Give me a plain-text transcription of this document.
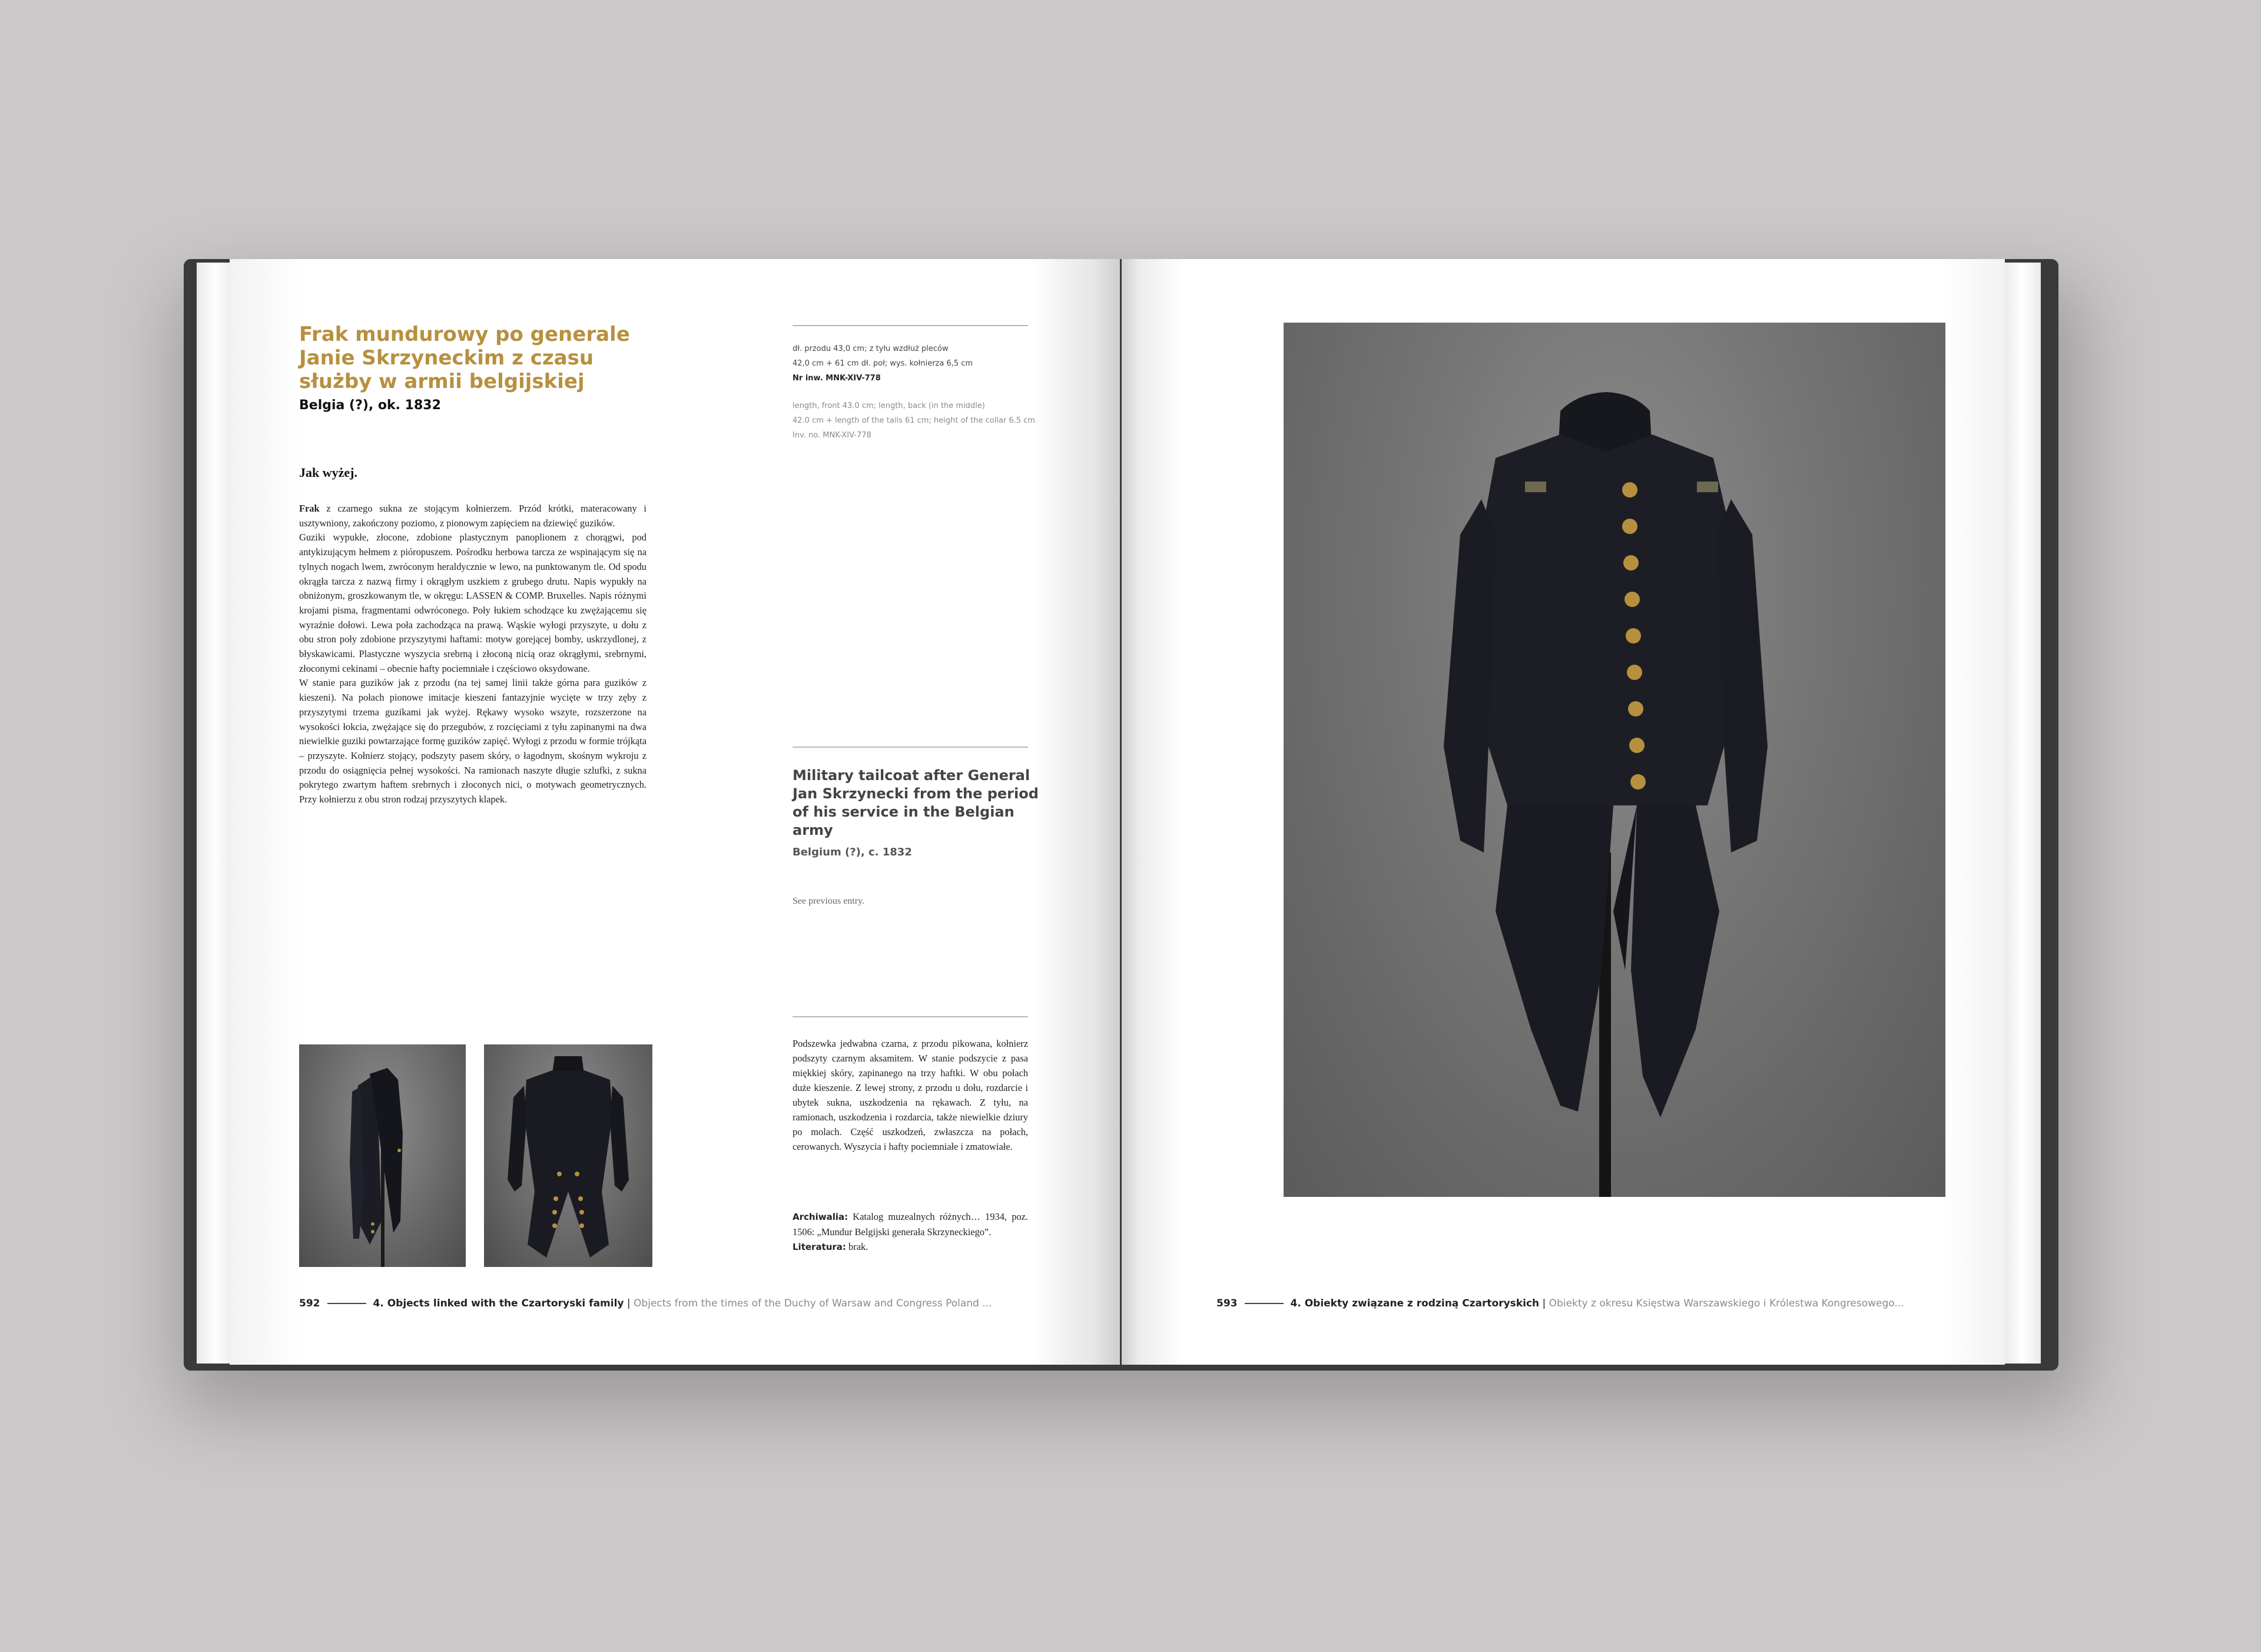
Frak mundurowy po generale Janie Skrzyneckim z czasu służby w armii belgijskiej
Belgia (?), ok. 1832
Jak wyżej.

Frak z czarnego sukna ze stojącym kołnierzem. Przód krótki, materacowany i usztywniony, zakończony poziomo, z pionowym zapięciem na dziewięć guzików.

Guziki wypukłe, złocone, zdobione plastycznym panoplionem z chorągwi, pod antykizującym hełmem z pióropuszem. Pośrodku herbowa tarcza ze wspinającym się na tylnych nogach lwem, zwróconym heraldycznie w lewo, na punktowanym tle. Od spodu okrągła tarcza z nazwą firmy i okrągłym uszkiem z grubego drutu. Napis wypukły na obniżonym, groszkowanym tle, w okręgu: LASSEN & COMP. Bruxelles. Napis różnymi krojami pisma, fragmentami odwróconego. Poły łukiem schodzące ku zwężającemu się wyraźnie dołowi. Lewa poła zachodząca na prawą. Wąskie wyłogi przyszyte, u dołu z obu stron poły zdobione przyszytymi haftami: motyw gorejącej bomby, uskrzydlonej, z błyskawicami. Plastyczne wyszycia srebrną i złoconą nicią oraz okrągłymi, srebrnymi, złoconymi cekinami – obecnie hafty pociemniałe i częściowo oksydowane.

W stanie para guzików jak z przodu (na tej samej linii także górna para guzików z kieszeni). Na połach pionowe imitacje kieszeni fantazyjnie wycięte w trzy zęby z przyszytymi trzema guzikami jak wyżej. Rękawy wysoko wszyte, rozszerzone na wysokości łokcia, zwężające się do przegubów, z rozcięciami z tyłu zapinanymi na dwa niewielkie guziki powtarzające formę guzików zapięć. Wyłogi z przodu w formie trójkąta – przyszyte. Kołnierz stojący, podszyty pasem skóry, o łagodnym, skośnym wykroju z przodu do osiągnięcia pełnej wysokości. Na ramionach naszyte długie szlufki, z sukna pokrytego zwartym haftem srebrnych i złoconych nici, o motywach geometrycznych. Przy kołnierzu z obu stron rodzaj przyszytych klapek.

dł. przodu 43,0 cm; z tyłu wzdłuż pleców
42,0 cm + 61 cm dł. poł; wys. kołnierza 6,5 cm
Nr inw. MNK-XIV-778
length, front 43.0 cm; length, back (in the middle)
42.0 cm + length of the tails 61 cm; height of the collar 6.5 cm
Inv. no. MNK-XIV-778
Military tailcoat after General Jan Skrzynecki from the period of his service in the Belgian army
Belgium (?), c. 1832
See previous entry.
Podszewka jedwabna czarna, z przodu pikowana, kołnierz podszyty czarnym aksamitem. W stanie podszycie z pasa miękkiej skóry, zapinanego na trzy haftki. W obu połach duże kieszenie. Z lewej strony, z przodu u dołu, rozdarcie i ubytek sukna, uszkodzenia na rękawach. Z tyłu, na ramionach, uszkodzenia i rozdarcia, także niewielkie dziury po molach. Część uszkodzeń, zwłaszcza na połach, cerowanych. Wyszycia i hafty pociemniałe i zmatowiałe.
Archiwalia: Katalog muzealnych różnych… 1934, poz. 1506: „Mundur Belgijski generała Skrzyneckiego”.
Literatura: brak.
592	4. Objects linked with the Czartoryski family | Objects from the times of the Duchy of Warsaw and Congress Poland ...	593	4. Obiekty związane z rodziną Czartoryskich | Obiekty z okresu Księstwa Warszawskiego i Królestwa Kongresowego...
